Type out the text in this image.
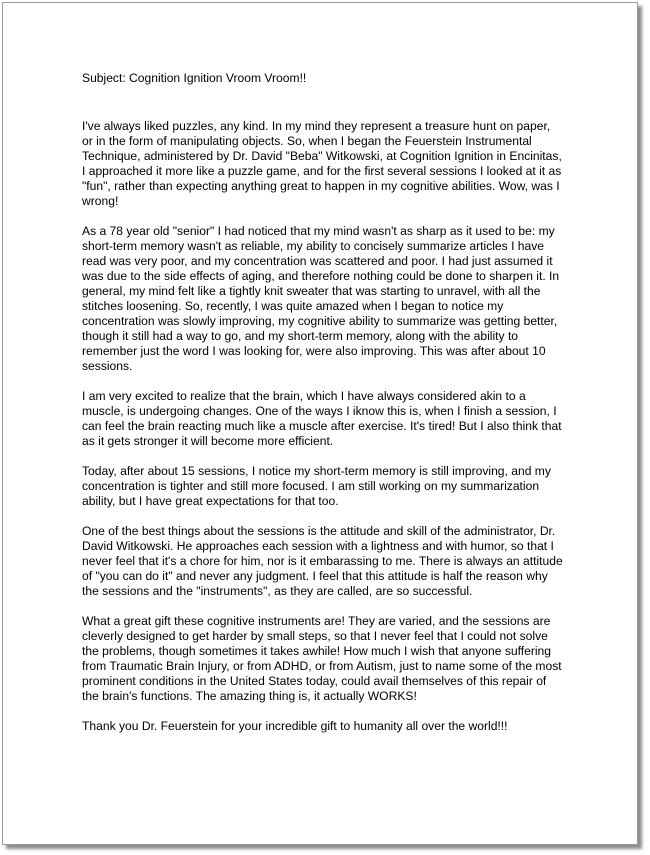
Subject: Cognition Ignition Vroom Vroom!!

I've always liked puzzles, any kind. In my mind they represent a treasure hunt on paper, or in the form of manipulating objects. So, when I began the Feuerstein Instrumental Technique, administered by Dr. David "Beba" Witkowski, at Cognition Ignition in Encinitas, I approached it more like a puzzle game, and for the first several sessions I looked at it as "fun", rather than expecting anything great to happen in my cognitive abilities. Wow, was I wrong!

As a 78 year old "senior" I had noticed that my mind wasn't as sharp as it used to be: my short-term memory wasn't as reliable, my ability to concisely summarize articles I have read was very poor, and my concentration was scattered and poor. I had just assumed it was due to the side effects of aging, and therefore nothing could be done to sharpen it. In general, my mind felt like a tightly knit sweater that was starting to unravel, with all the stitches loosening. So, recently, I was quite amazed when I began to notice my concentration was slowly improving, my cognitive ability to summarize was getting better, though it still had a way to go, and my short-term memory, along with the ability to remember just the word I was looking for, were also improving. This was after about 10 sessions.

I am very excited to realize that the brain, which I have always considered akin to a muscle, is undergoing changes. One of the ways I iknow this is, when I finish a session, I can feel the brain reacting much like a muscle after exercise. It's tired! But I also think that as it gets stronger it will become more efficient.

Today, after about 15 sessions, I notice my short-term memory is still improving, and my concentration is tighter and still more focused. I am still working on my summarization ability, but I have great expectations for that too.

One of the best things about the sessions is the attitude and skill of the administrator, Dr. David Witkowski. He approaches each session with a lightness and with humor, so that I never feel that it's a chore for him, nor is it embarassing to me. There is always an attitude of "you can do it" and never any judgment. I feel that this attitude is half the reason why the sessions and the "instruments", as they are called, are so successful.

What a great gift these cognitive instruments are! They are varied, and the sessions are cleverly designed to get harder by small steps, so that I never feel that I could not solve the problems, though sometimes it takes awhile! How much I wish that anyone suffering from Traumatic Brain Injury, or from ADHD, or from Autism, just to name some of the most prominent conditions in the United States today, could avail themselves of this repair of the brain's functions. The amazing thing is, it actually WORKS!

Thank you Dr. Feuerstein for your incredible gift to humanity all over the world!!!
